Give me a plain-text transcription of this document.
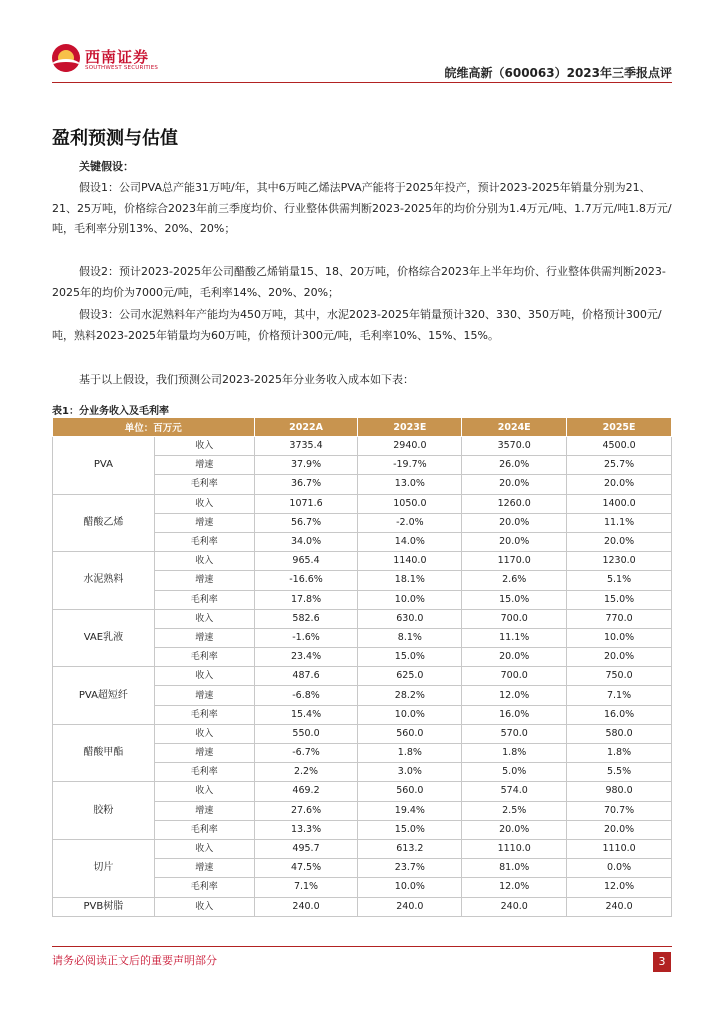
西南证券
SOUTHWEST SECURITIES	皖维高新（600063）2023年三季报点评
盈利预测与估值
关键假设：
假设1：公司PVA总产能31万吨/年，其中6万吨乙烯法PVA产能将于2025年投产，预计2023-2025年销量分别为21、21、25万吨，价格综合2023年前三季度均价、行业整体供需判断2023-2025年的均价分别为1.4万元/吨、1.7万元/吨1.8万元/吨，毛利率分别13%、20%、20%；
假设2：预计2023-2025年公司醋酸乙烯销量15、18、20万吨，价格综合2023年上半年均价、行业整体供需判断2023-2025年的均价为7000元/吨，毛利率14%、20%、20%；
假设3：公司水泥熟料年产能均为450万吨，其中，水泥2023-2025年销量预计320、330、350万吨，价格预计300元/吨，熟料2023-2025年销量均为60万吨，价格预计300元/吨，毛利率10%、15%、15%。
基于以上假设，我们预测公司2023-2025年分业务收入成本如下表：
表1：分业务收入及毛利率
单位：百万元		2022A	2023E	2024E	2025E
PVA	收入	3735.4	2940.0	3570.0	4500.0
	增速	37.9%	-19.7%	26.0%	25.7%
	毛利率	36.7%	13.0%	20.0%	20.0%
醋酸乙烯	收入	1071.6	1050.0	1260.0	1400.0
	增速	56.7%	-2.0%	20.0%	11.1%
	毛利率	34.0%	14.0%	20.0%	20.0%
水泥熟料	收入	965.4	1140.0	1170.0	1230.0
	增速	-16.6%	18.1%	2.6%	5.1%
	毛利率	17.8%	10.0%	15.0%	15.0%
VAE乳液	收入	582.6	630.0	700.0	770.0
	增速	-1.6%	8.1%	11.1%	10.0%
	毛利率	23.4%	15.0%	20.0%	20.0%
PVA超短纤	收入	487.6	625.0	700.0	750.0
	增速	-6.8%	28.2%	12.0%	7.1%
	毛利率	15.4%	10.0%	16.0%	16.0%
醋酸甲酯	收入	550.0	560.0	570.0	580.0
	增速	-6.7%	1.8%	1.8%	1.8%
	毛利率	2.2%	3.0%	5.0%	5.5%
胶粉	收入	469.2	560.0	574.0	980.0
	增速	27.6%	19.4%	2.5%	70.7%
	毛利率	13.3%	15.0%	20.0%	20.0%
切片	收入	495.7	613.2	1110.0	1110.0
	增速	47.5%	23.7%	81.0%	0.0%
	毛利率	7.1%	10.0%	12.0%	12.0%
PVB树脂	收入	240.0	240.0	240.0	240.0
请务必阅读正文后的重要声明部分	3
